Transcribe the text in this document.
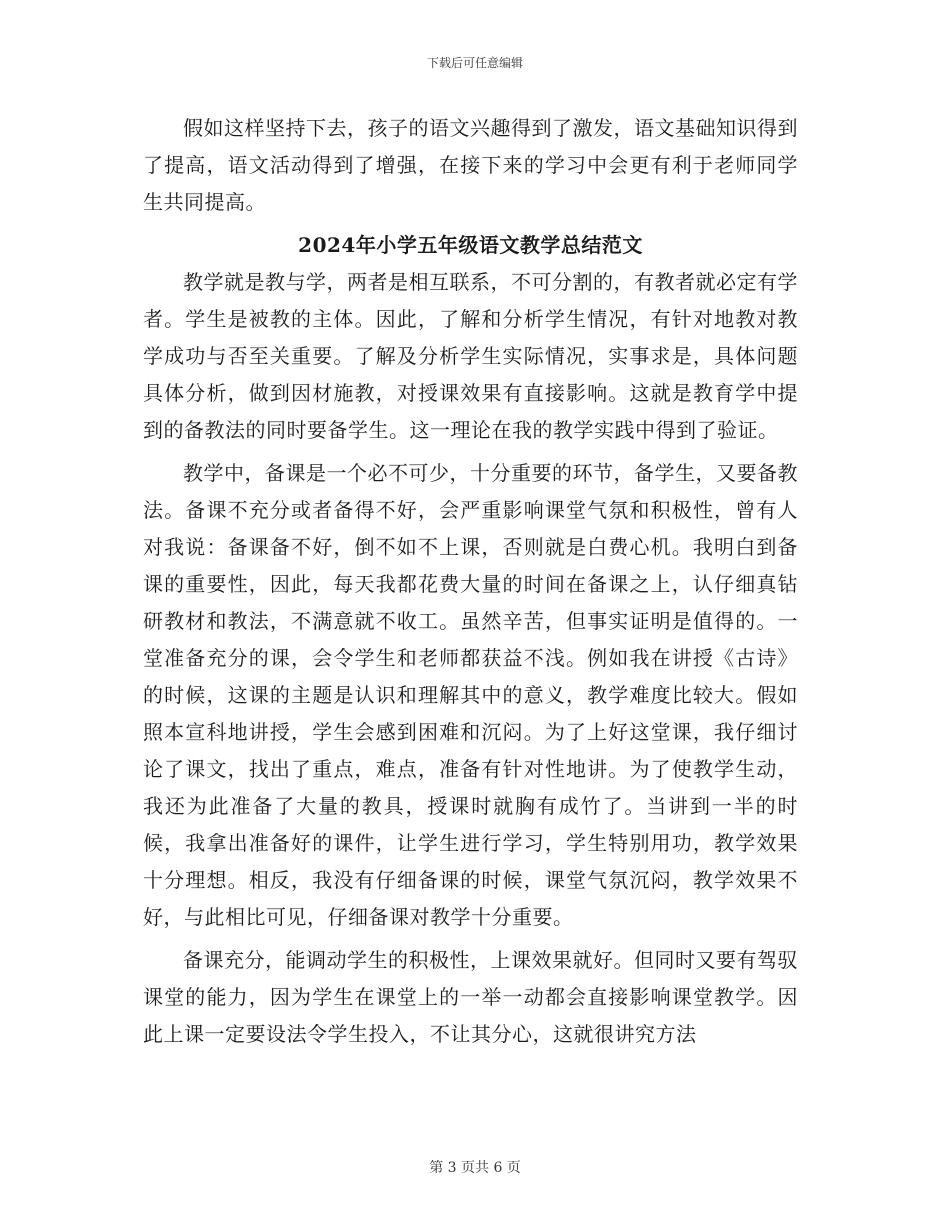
下载后可任意编辑

假如这样坚持下去，孩子的语文兴趣得到了激发，语文基础知识得到了提高，语文活动得到了增强，在接下来的学习中会更有利于老师同学生共同提高。

2024年小学五年级语文教学总结范文

教学就是教与学，两者是相互联系，不可分割的，有教者就必定有学者。学生是被教的主体。因此，了解和分析学生情况，有针对地教对教学成功与否至关重要。了解及分析学生实际情况，实事求是，具体问题具体分析，做到因材施教，对授课效果有直接影响。这就是教育学中提到的备教法的同时要备学生。这一理论在我的教学实践中得到了验证。

教学中，备课是一个必不可少，十分重要的环节，备学生，又要备教法。备课不充分或者备得不好，会严重影响课堂气氛和积极性，曾有人对我说：备课备不好，倒不如不上课，否则就是白费心机。我明白到备课的重要性，因此，每天我都花费大量的时间在备课之上，认仔细真钻研教材和教法，不满意就不收工。虽然辛苦，但事实证明是值得的。一堂准备充分的课，会令学生和老师都获益不浅。例如我在讲授《古诗》的时候，这课的主题是认识和理解其中的意义，教学难度比较大。假如照本宣科地讲授，学生会感到困难和沉闷。为了上好这堂课，我仔细讨论了课文，找出了重点，难点，准备有针对性地讲。为了使教学生动，我还为此准备了大量的教具，授课时就胸有成竹了。当讲到一半的时候，我拿出准备好的课件，让学生进行学习，学生特别用功，教学效果十分理想。相反，我没有仔细备课的时候，课堂气氛沉闷，教学效果不好，与此相比可见，仔细备课对教学十分重要。

备课充分，能调动学生的积极性，上课效果就好。但同时又要有驾驭课堂的能力，因为学生在课堂上的一举一动都会直接影响课堂教学。因此上课一定要设法令学生投入，不让其分心，这就很讲究方法

第 3 页共 6 页
